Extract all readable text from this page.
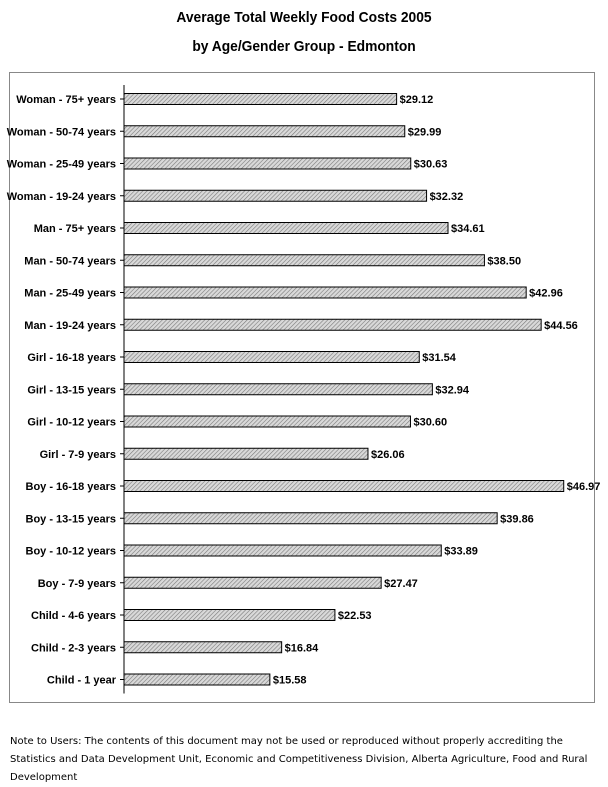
Average Total Weekly Food Costs 2005
by Age/Gender Group - Edmonton
Woman - 75+ years	$29.12
Woman - 50-74 years	$29.99
Woman - 25-49 years	$30.63
Woman - 19-24 years	$32.32
Man - 75+ years	$34.61
Man - 50-74 years	$38.50
Man - 25-49 years	$42.96
Man - 19-24 years	$44.56
Girl - 16-18 years	$31.54
Girl - 13-15 years	$32.94
Girl - 10-12 years	$30.60
Girl - 7-9 years	$26.06
Boy - 16-18 years	$46.97
Boy - 13-15 years	$39.86
Boy - 10-12 years	$33.89
Boy - 7-9 years	$27.47
Child - 4-6 years	$22.53
Child - 2-3 years	$16.84
Child - 1 year	$15.58
Note to Users: The contents of this document may not be used or reproduced without properly accrediting the Statistics and Data Development Unit, Economic and Competitiveness Division, Alberta Agriculture, Food and Rural Development
